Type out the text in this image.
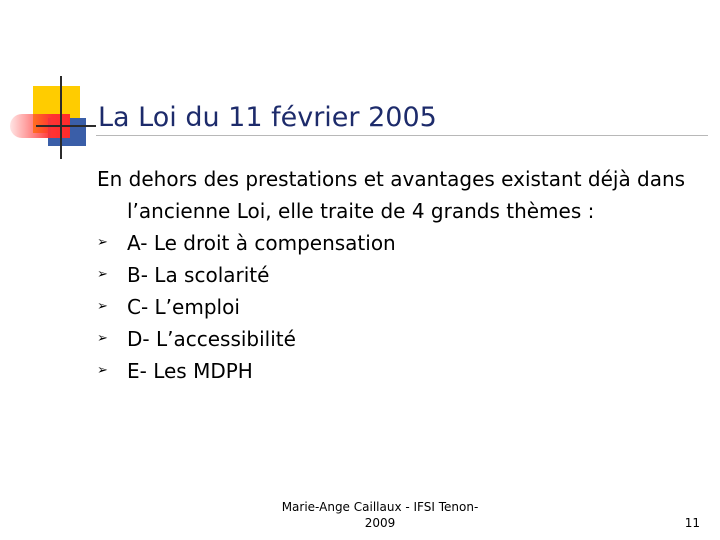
La Loi du 11 février 2005
En dehors des prestations et avantages existant déjà dans l’ancienne Loi, elle traite de 4 grands thèmes :
➢ A- Le droit à compensation
➢ B- La scolarité
➢ C- L’emploi
➢ D- L’accessibilité
➢ E- Les MDPH
Marie-Ange Caillaux - IFSI Tenon-
2009	11
